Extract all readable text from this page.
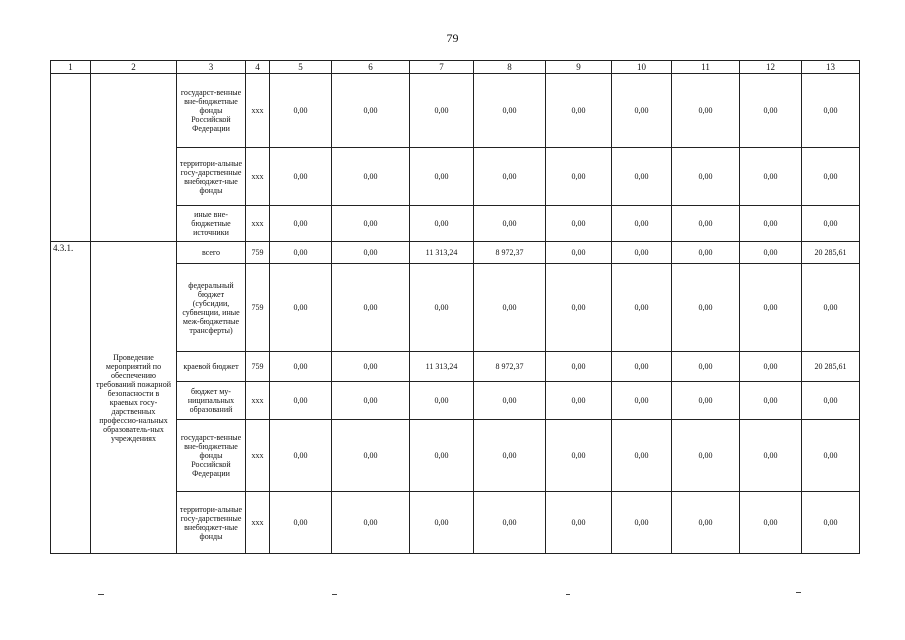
79
1	2	3	4	5	6	7	8	9	10	11	12	13
		государст-венные вне-бюджетные фонды Российской Федерации	ххх	0,00	0,00	0,00	0,00	0,00	0,00	0,00	0,00	0,00
		территори-альные госу-дарственные внебюджет-ные фонды	ххх	0,00	0,00	0,00	0,00	0,00	0,00	0,00	0,00	0,00
		иные вне-бюджетные источники	ххх	0,00	0,00	0,00	0,00	0,00	0,00	0,00	0,00	0,00
4.3.1.	Проведение мероприятий по обеспечению требований пожарной безопасности в краевых госу-дарственных профессио-нальных образователь-ных учреждениях	всего	759	0,00	0,00	11 313,24	8 972,37	0,00	0,00	0,00	0,00	20 285,61
		федеральный бюджет (субсидии, субвенции, иные меж-бюджетные трансферты)	759	0,00	0,00	0,00	0,00	0,00	0,00	0,00	0,00	0,00
		краевой бюджет	759	0,00	0,00	11 313,24	8 972,37	0,00	0,00	0,00	0,00	20 285,61
		бюджет му-ниципальных образований	ххх	0,00	0,00	0,00	0,00	0,00	0,00	0,00	0,00	0,00
		государст-венные вне-бюджетные фонды Российской Федерации	ххх	0,00	0,00	0,00	0,00	0,00	0,00	0,00	0,00	0,00
		территори-альные госу-дарственные внебюджет-ные фонды	ххх	0,00	0,00	0,00	0,00	0,00	0,00	0,00	0,00	0,00
